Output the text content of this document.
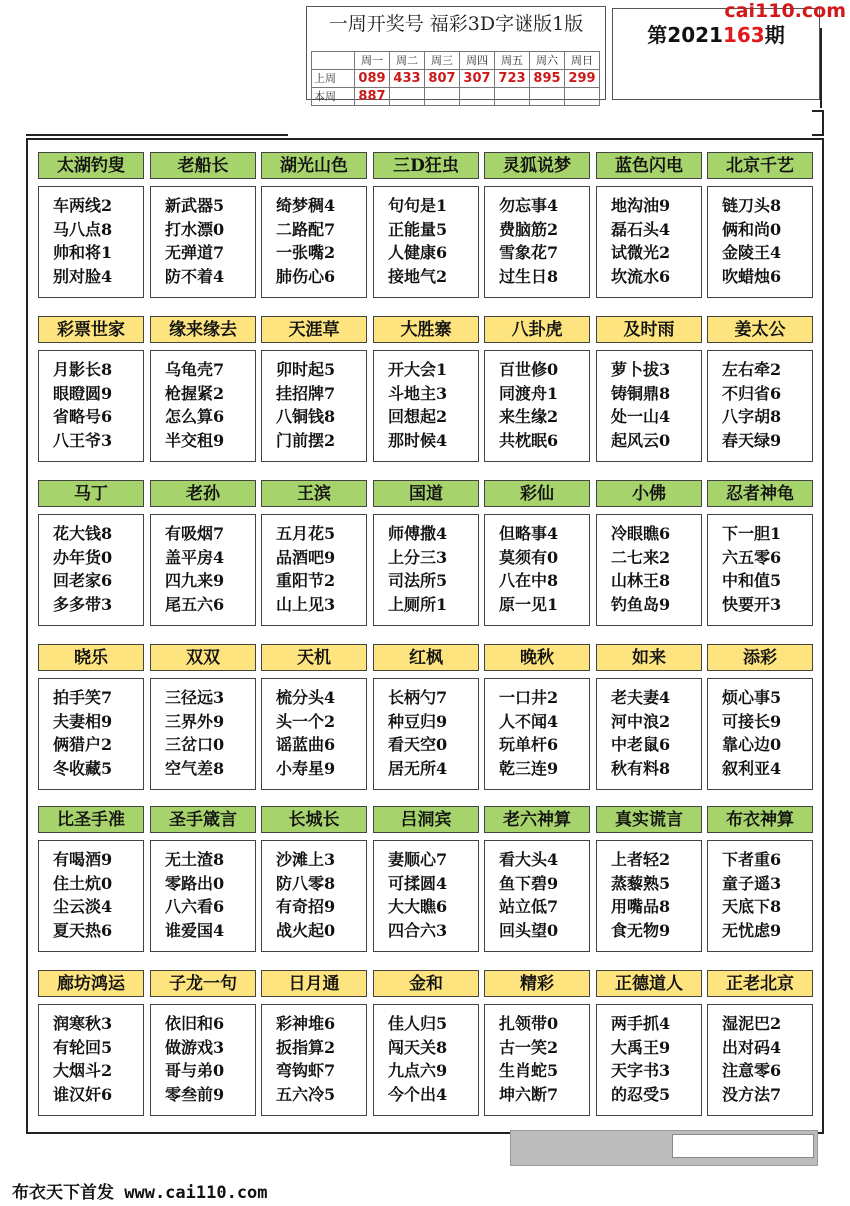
一周开奖号 福彩3D字谜版1版
	周一	周二	周三	周四	周五	周六	周日
上周	089	433	807	307	723	895	299
本周	887						
第2021163期
cai110.com
太湖钓叟
车两线2
马八点8
帅和将1
别对脸4
老船长
新武器5
打水漂0
无弹道7
防不着4
湖光山色
绮梦稠4
二路配7
一张嘴2
肺伤心6
三D狂虫
句句是1
正能量5
人健康6
接地气2
灵狐说梦
勿忘事4
费脑筋2
雪象花7
过生日8
蓝色闪电
地沟油9
磊石头4
试微光2
坎流水6
北京千艺
链刀头8
俩和尚0
金陵王4
吹蜡烛6
彩票世家
月影长8
眼瞪圆9
省略号6
八王爷3
缘来缘去
乌龟壳7
枪握紧2
怎么算6
半交租9
天涯草
卯时起5
挂招牌7
八铜钱8
门前摆2
大胜寨
开大会1
斗地主3
回想起2
那时候4
八卦虎
百世修0
同渡舟1
来生缘2
共枕眠6
及时雨
萝卜拔3
铸铜鼎8
处一山4
起风云0
姜太公
左右牵2
不归省6
八字胡8
春天绿9
马丁
花大钱8
办年货0
回老家6
多多带3
老孙
有吸烟7
盖平房4
四九来9
尾五六6
王滨
五月花5
品酒吧9
重阳节2
山上见3
国道
师傅撒4
上分三3
司法所5
上厕所1
彩仙
但略事4
莫须有0
八在中8
原一见1
小佛
冷眼瞧6
二七来2
山林王8
钓鱼岛9
忍者神龟
下一胆1
六五零6
中和值5
快要开3
晓乐
拍手笑7
夫妻相9
俩猎户2
冬收藏5
双双
三径远3
三界外9
三岔口0
空气差8
天机
梳分头4
头一个2
谣蓝曲6
小寿星9
红枫
长柄勺7
种豆归9
看天空0
居无所4
晚秋
一口井2
人不闻4
玩单杆6
乾三连9
如来
老夫妻4
河中浪2
中老鼠6
秋有料8
添彩
烦心事5
可接长9
靠心边0
叙利亚4
比圣手准
有喝酒9
住土炕0
尘云淡4
夏天热6
圣手箴言
无土渣8
零路出0
八六看6
谁爱国4
长城长
沙滩上3
防八零8
有奇招9
战火起0
吕洞宾
妻顺心7
可揉圆4
大大瞧6
四合六3
老六神算
看大头4
鱼下碧9
站立低7
回头望0
真实谎言
上者轻2
蒸藜熟5
用嘴品8
食无物9
布衣神算
下者重6
童子遥3
天底下8
无忧虑9
廊坊鸿运
润寒秋3
有轮回5
大烟斗2
谁汉奸6
子龙一句
依旧和6
做游戏3
哥与弟0
零叁前9
日月通
彩神堆6
扳指算2
弯钩虾7
五六冷5
金和
佳人归5
闯天关8
九点六9
今个出4
精彩
扎领带0
古一笑2
生肖蛇5
坤六断7
正德道人
两手抓4
大禹王9
天字书3
的忍受5
正老北京
湿泥巴2
出对码4
注意零6
没方法7
布衣天下首发 www.cai110.com
